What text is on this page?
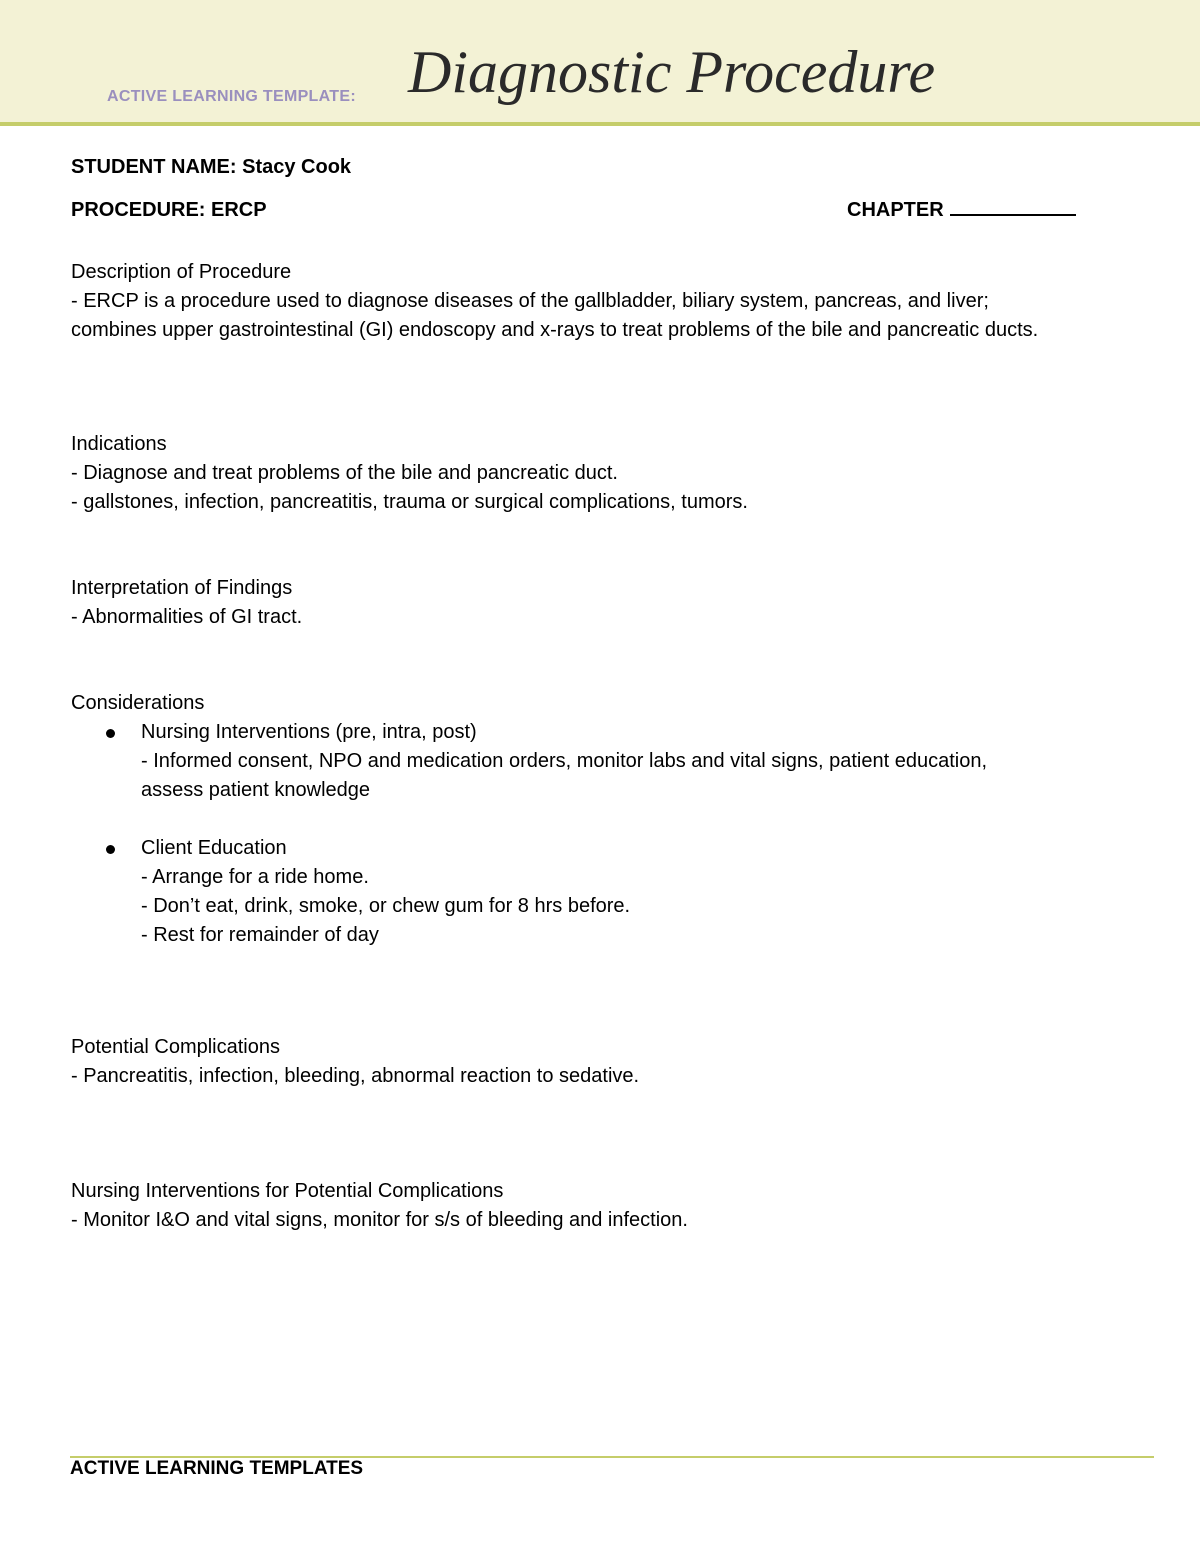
ACTIVE LEARNING TEMPLATE: Diagnostic Procedure
STUDENT NAME: Stacy Cook
PROCEDURE: ERCP	CHAPTER
Description of Procedure
- ERCP is a procedure used to diagnose diseases of the gallbladder, biliary system, pancreas, and liver;
combines upper gastrointestinal (GI) endoscopy and x-rays to treat problems of the bile and pancreatic ducts.
Indications
- Diagnose and treat problems of the bile and pancreatic duct.
- gallstones, infection, pancreatitis, trauma or surgical complications, tumors.
Interpretation of Findings
- Abnormalities of GI tract.
Considerations
Nursing Interventions (pre, intra, post)
- Informed consent, NPO and medication orders, monitor labs and vital signs, patient education,
assess patient knowledge
Client Education
- Arrange for a ride home.
- Don’t eat, drink, smoke, or chew gum for 8 hrs before.
- Rest for remainder of day
Potential Complications
- Pancreatitis, infection, bleeding, abnormal reaction to sedative.
Nursing Interventions for Potential Complications
- Monitor I&O and vital signs, monitor for s/s of bleeding and infection.
ACTIVE LEARNING TEMPLATES
